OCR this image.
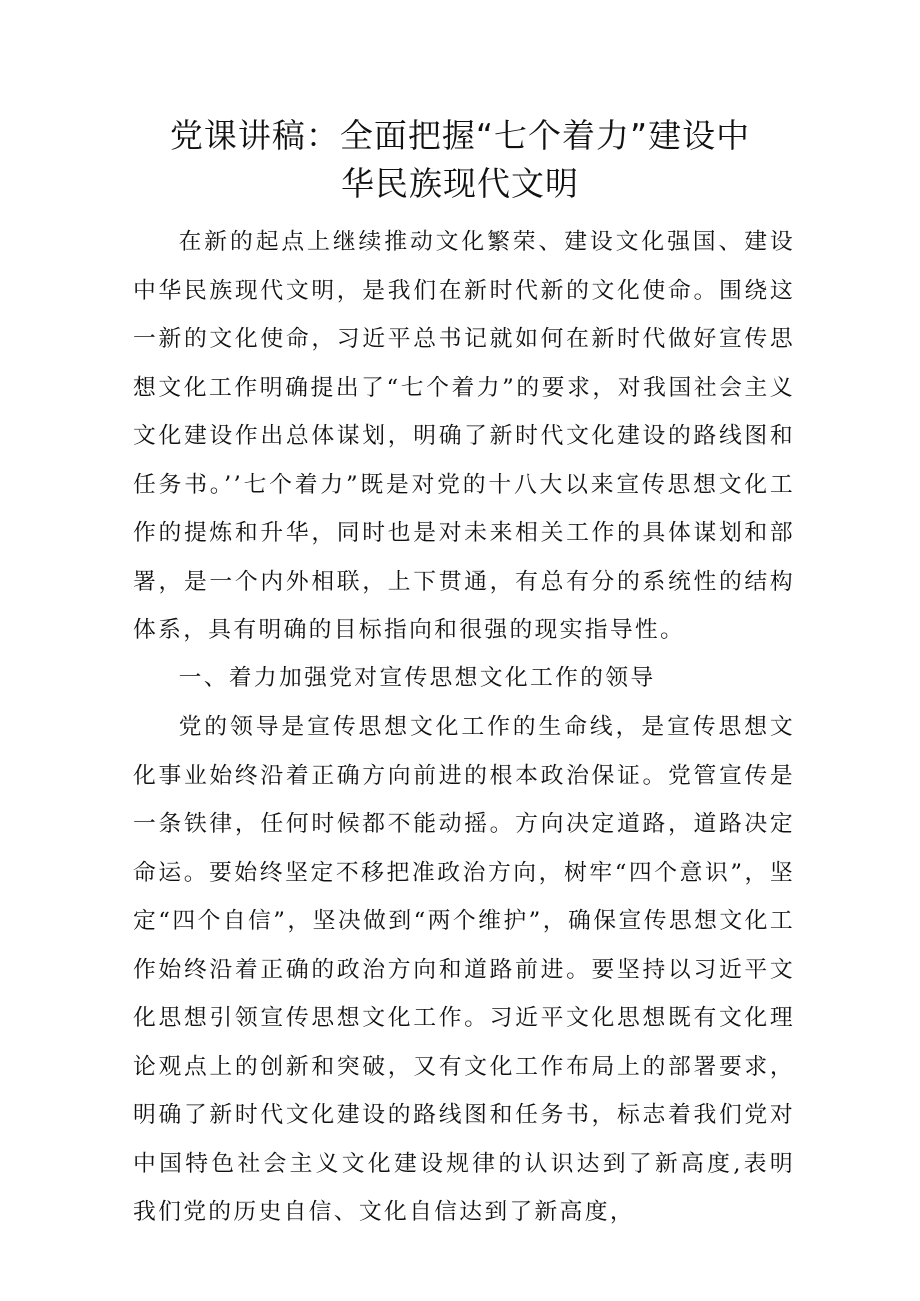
党课讲稿：全面把握“七个着力”建设中
华民族现代文明

在新的起点上继续推动文化繁荣、建设文化强国、建设中华民族现代文明，是我们在新时代新的文化使命。围绕这一新的文化使命，习近平总书记就如何在新时代做好宣传思想文化工作明确提出了“七个着力”的要求，对我国社会主义文化建设作出总体谋划，明确了新时代文化建设的路线图和任务书。’’七个着力”既是对党的十八大以来宣传思想文化工作的提炼和升华，同时也是对未来相关工作的具体谋划和部署，是一个内外相联，上下贯通，有总有分的系统性的结构体系，具有明确的目标指向和很强的现实指导性。

一、着力加强党对宣传思想文化工作的领导

党的领导是宣传思想文化工作的生命线，是宣传思想文化事业始终沿着正确方向前进的根本政治保证。党管宣传是一条铁律，任何时候都不能动摇。方向决定道路，道路决定命运。要始终坚定不移把准政治方向，树牢“四个意识”，坚定“四个自信”，坚决做到“两个维护”，确保宣传思想文化工作始终沿着正确的政治方向和道路前进。要坚持以习近平文化思想引领宣传思想文化工作。习近平文化思想既有文化理论观点上的创新和突破，又有文化工作布局上的部署要求，明确了新时代文化建设的路线图和任务书，标志着我们党对中国特色社会主义文化建设规律的认识达到了新高度,表明我们党的历史自信、文化自信达到了新高度，
